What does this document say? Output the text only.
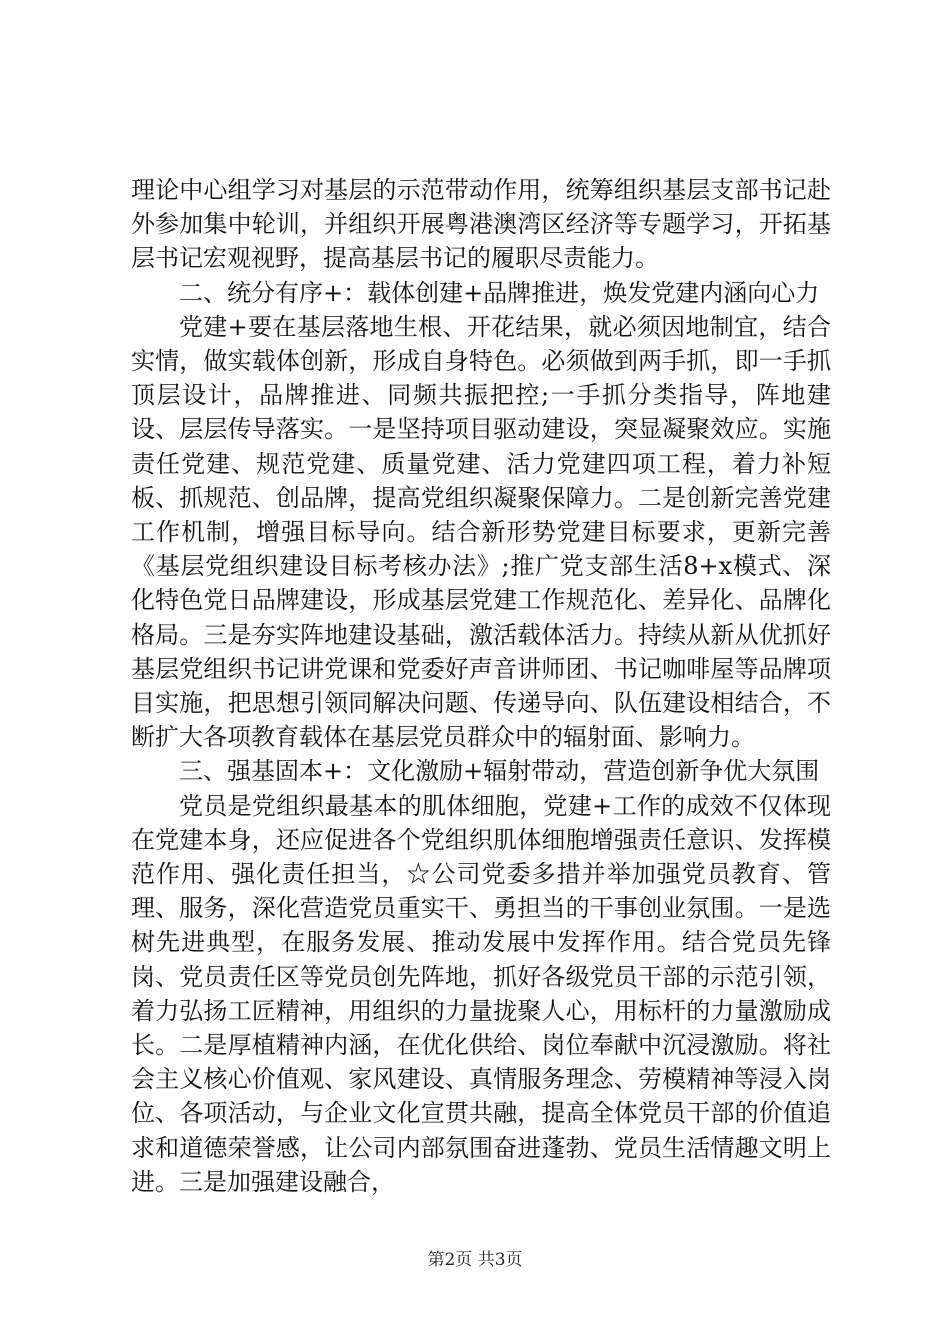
理论中心组学习对基层的示范带动作用，统筹组织基层支部书记赴外参加集中轮训，并组织开展粤港澳湾区经济等专题学习，开拓基层书记宏观视野，提高基层书记的履职尽责能力。

二、统分有序+：载体创建+品牌推进，焕发党建内涵向心力

党建+要在基层落地生根、开花结果，就必须因地制宜，结合实情，做实载体创新，形成自身特色。必须做到两手抓，即一手抓顶层设计，品牌推进、同频共振把控;一手抓分类指导，阵地建设、层层传导落实。一是坚持项目驱动建设，突显凝聚效应。实施责任党建、规范党建、质量党建、活力党建四项工程，着力补短板、抓规范、创品牌，提高党组织凝聚保障力。二是创新完善党建工作机制，增强目标导向。结合新形势党建目标要求，更新完善《基层党组织建设目标考核办法》;推广党支部生活8+x模式、深化特色党日品牌建设，形成基层党建工作规范化、差异化、品牌化格局。三是夯实阵地建设基础，激活载体活力。持续从新从优抓好基层党组织书记讲党课和党委好声音讲师团、书记咖啡屋等品牌项目实施，把思想引领同解决问题、传递导向、队伍建设相结合，不断扩大各项教育载体在基层党员群众中的辐射面、影响力。

三、强基固本+：文化激励+辐射带动，营造创新争优大氛围

党员是党组织最基本的肌体细胞，党建+工作的成效不仅体现在党建本身，还应促进各个党组织肌体细胞增强责任意识、发挥模范作用、强化责任担当，☆公司党委多措并举加强党员教育、管理、服务，深化营造党员重实干、勇担当的干事创业氛围。一是选树先进典型，在服务发展、推动发展中发挥作用。结合党员先锋岗、党员责任区等党员创先阵地，抓好各级党员干部的示范引领，着力弘扬工匠精神，用组织的力量拢聚人心，用标杆的力量激励成长。二是厚植精神内涵，在优化供给、岗位奉献中沉浸激励。将社会主义核心价值观、家风建设、真情服务理念、劳模精神等浸入岗位、各项活动，与企业文化宣贯共融，提高全体党员干部的价值追求和道德荣誉感，让公司内部氛围奋进蓬勃、党员生活情趣文明上进。三是加强建设融合，

第2页 共3页
